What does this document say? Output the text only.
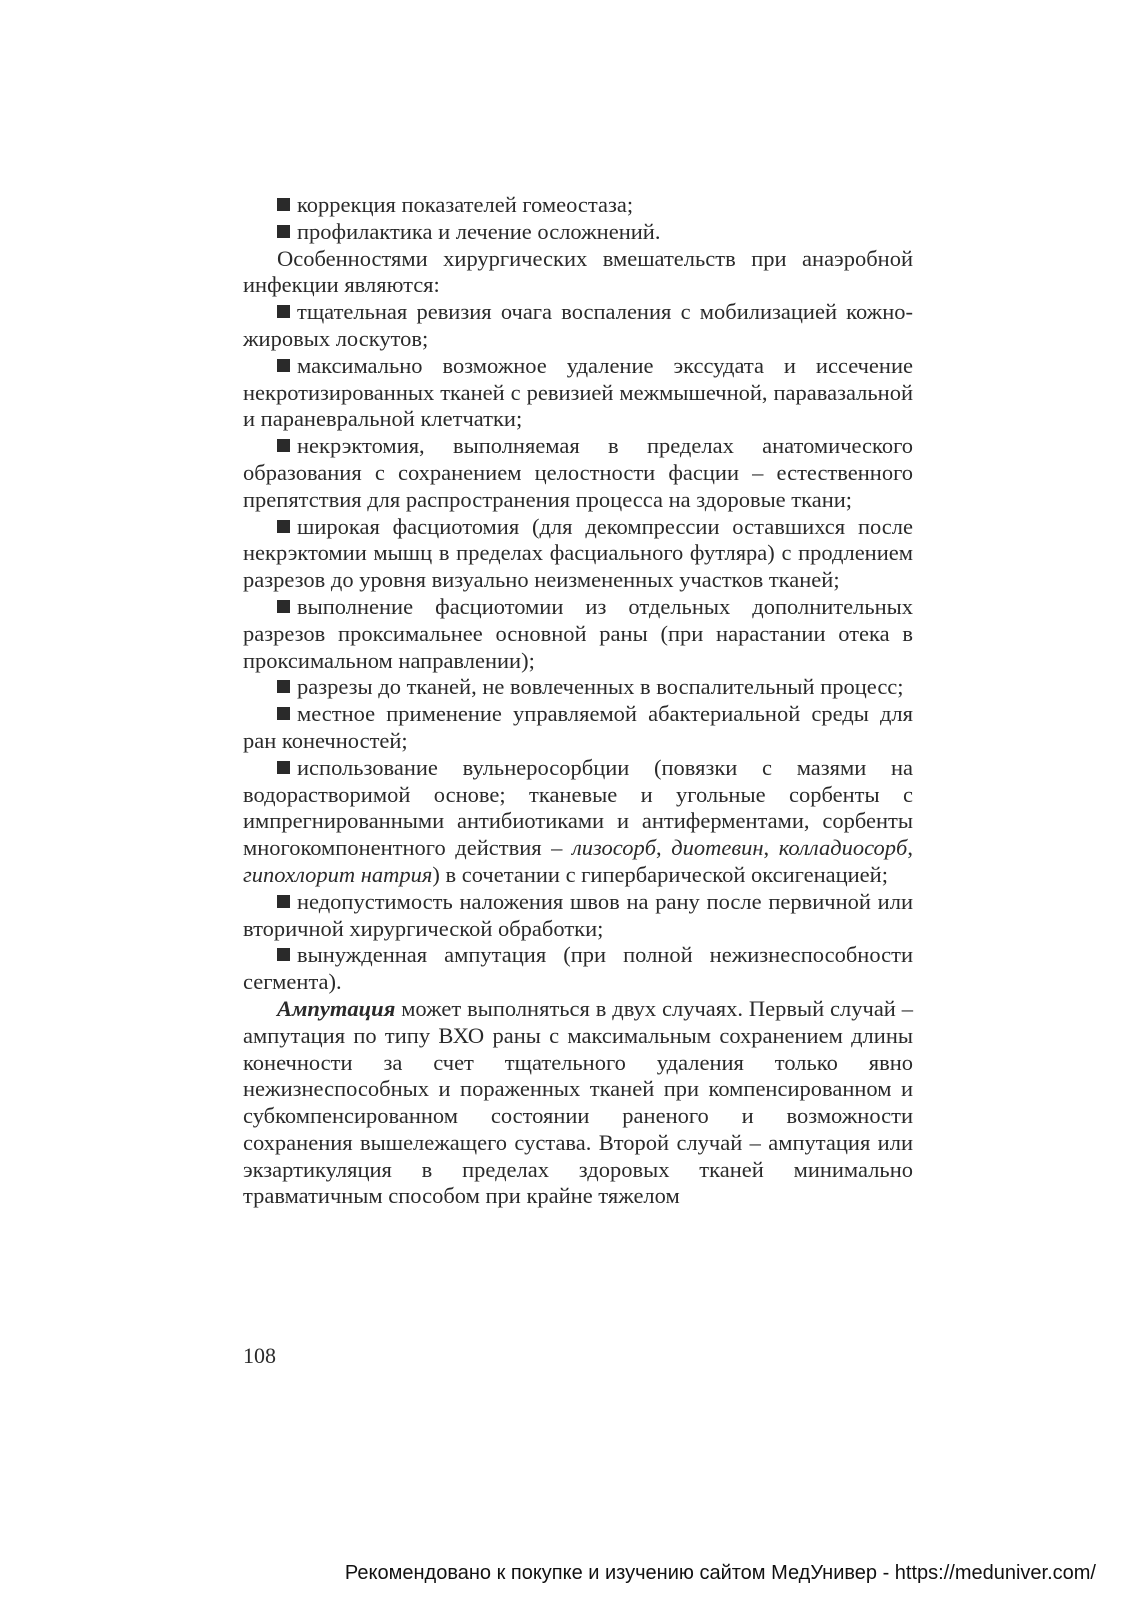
коррекция показателей гомеостаза;

профилактика и лечение осложнений.

Особенностями хирургических вмешательств при анаэробной инфекции являются:

тщательная ревизия очага воспаления с мобилизацией кожно-жировых лоскутов;

максимально возможное удаление экссудата и иссечение некротизированных тканей с ревизией межмышечной, паравазальной и параневральной клетчатки;

некрэктомия, выполняемая в пределах анатомического образования с сохранением целостности фасции – естественного препятствия для распространения процесса на здоровые ткани;

широкая фасциотомия (для декомпрессии оставшихся после некрэктомии мышц в пределах фасциального футляра) с продлением разрезов до уровня визуально неизмененных участков тканей;

выполнение фасциотомии из отдельных дополнительных разрезов проксимальнее основной раны (при нарастании отека в проксимальном направлении);

разрезы до тканей, не вовлеченных в воспалительный процесс;

местное применение управляемой абактериальной среды для ран конечностей;

использование вульнеросорбции (повязки с мазями на водорастворимой основе; тканевые и угольные сорбенты с импрегнированными антибиотиками и антиферментами, сорбенты многокомпонентного действия – лизосорб, диотевин, колладиосорб, гипохлорит натрия) в сочетании с гипербарической оксигенацией;

недопустимость наложения швов на рану после первичной или вторичной хирургической обработки;

вынужденная ампутация (при полной нежизнеспособности сегмента).

Ампутация может выполняться в двух случаях. Первый случай – ампутация по типу ВХО раны с максимальным сохранением длины конечности за счет тщательного удаления только явно нежизнеспособных и пораженных тканей при компенсированном и субкомпенсированном состоянии раненого и возможности сохранения вышележащего сустава. Второй случай – ампутация или экзартикуляция в пределах здоровых тканей минимально травматичным способом при крайне тяжелом

108
Рекомендовано к покупке и изучению сайтом МедУнивер - https://meduniver.com/
